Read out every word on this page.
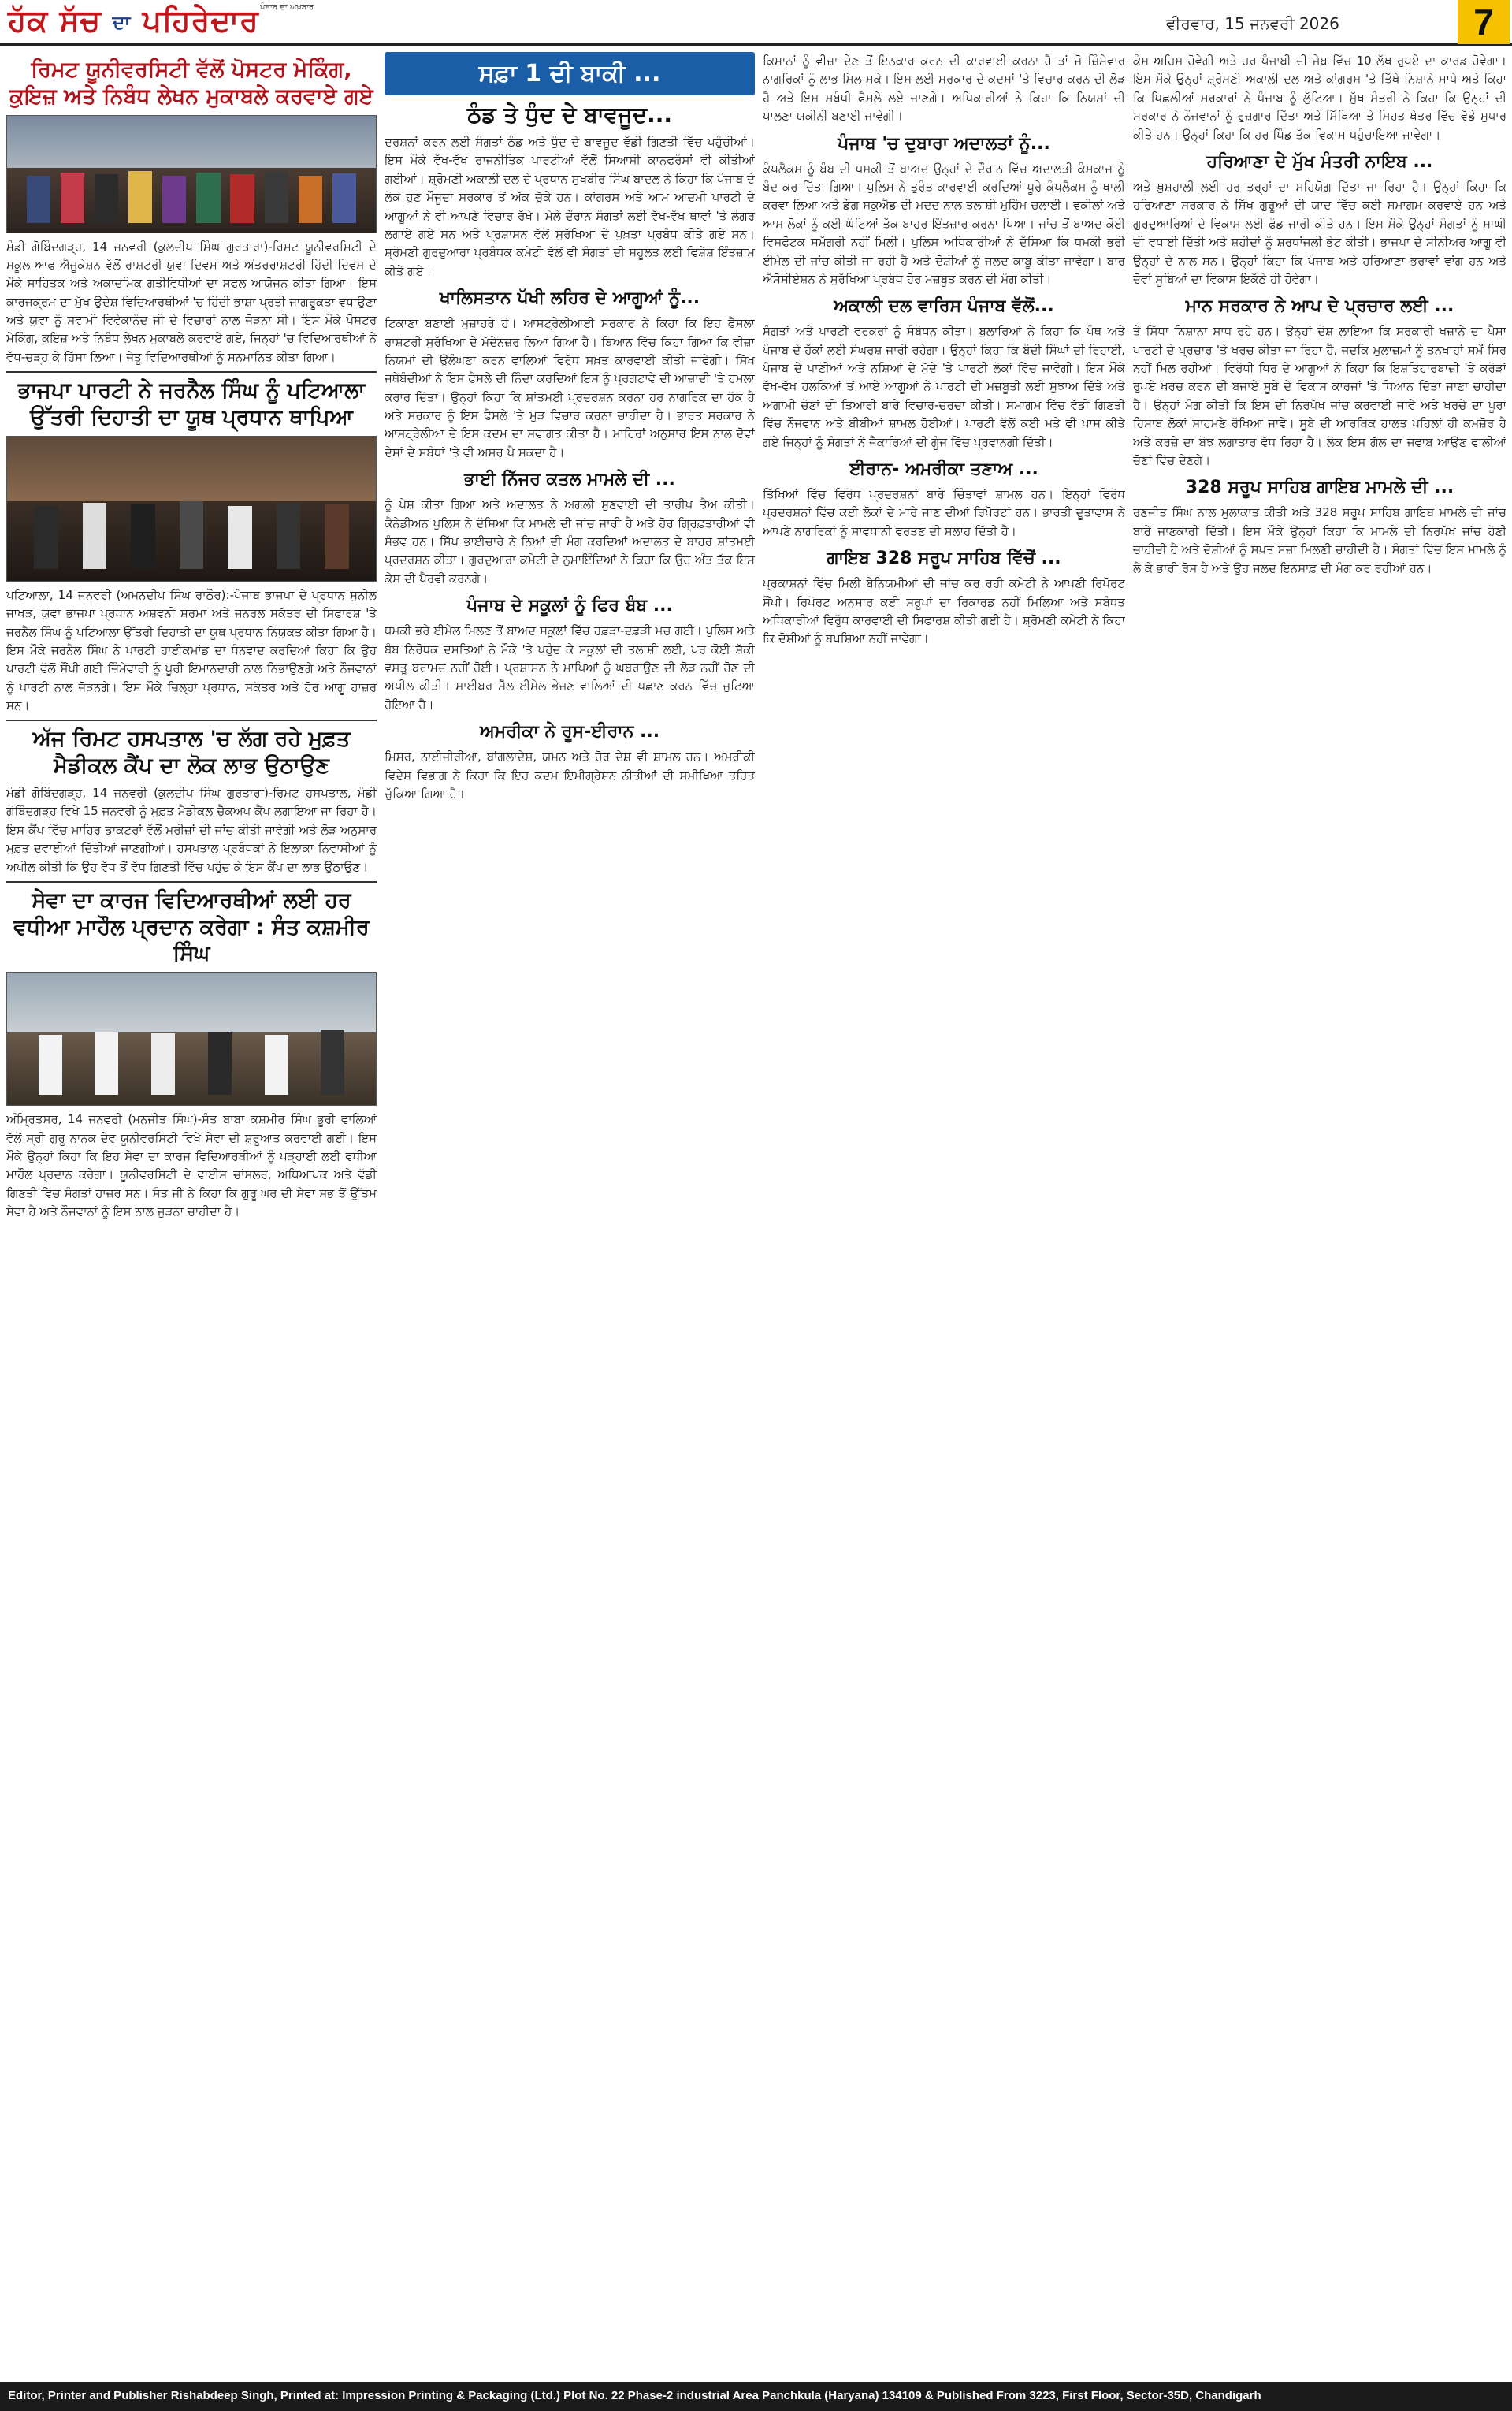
ਹੱਕ ਸੱਚ ਦਾ ਪਹਿਰੇਦਾਰ ਪੰਜਾਬ ਦਾ ਅਖ਼ਬਾਰ
ਵੀਰਵਾਰ, 15 ਜਨਵਰੀ 2026	7
ਰਿਮਟ ਯੂਨੀਵਰਸਿਟੀ ਵੱਲੋਂ ਪੋਸਟਰ ਮੇਕਿੰਗ, ਕੁਇਜ਼ ਅਤੇ ਨਿਬੰਧ ਲੇਖਨ ਮੁਕਾਬਲੇ ਕਰਵਾਏ ਗਏ
ਮੰਡੀ ਗੋਬਿੰਦਗੜ੍ਹ, 14 ਜਨਵਰੀ (ਕੁਲਦੀਪ ਸਿੰਘ ਗੁਰਤਾਰਾ)-ਰਿਮਟ ਯੂਨੀਵਰਸਿਟੀ ਦੇ ਸਕੂਲ ਆਫ ਐਜੂਕੇਸ਼ਨ ਵੱਲੋਂ ਰਾਸ਼ਟਰੀ ਯੁਵਾ ਦਿਵਸ ਅਤੇ ਅੰਤਰਰਾਸ਼ਟਰੀ ਹਿੰਦੀ ਦਿਵਸ ਦੇ ਮੌਕੇ ਸਾਹਿਤਕ ਅਤੇ ਅਕਾਦਮਿਕ ਗਤੀਵਿਧੀਆਂ ਦਾ ਸਫਲ ਆਯੋਜਨ ਕੀਤਾ ਗਿਆ। ਇਸ ਕਾਰਜਕ੍ਰਮ ਦਾ ਮੁੱਖ ਉਦੇਸ਼ ਵਿਦਿਆਰਥੀਆਂ 'ਚ ਹਿੰਦੀ ਭਾਸ਼ਾ ਪ੍ਰਤੀ ਜਾਗਰੂਕਤਾ ਵਧਾਉਣਾ ਅਤੇ ਯੁਵਾ ਨੂੰ ਸਵਾਮੀ ਵਿਵੇਕਾਨੰਦ ਜੀ ਦੇ ਵਿਚਾਰਾਂ ਨਾਲ ਜੋੜਨਾ ਸੀ। ਇਸ ਮੌਕੇ ਪੋਸਟਰ ਮੇਕਿੰਗ, ਕੁਇਜ਼ ਅਤੇ ਨਿਬੰਧ ਲੇਖਨ ਮੁਕਾਬਲੇ ਕਰਵਾਏ ਗਏ, ਜਿਨ੍ਹਾਂ 'ਚ ਵਿਦਿਆਰਥੀਆਂ ਨੇ ਵੱਧ-ਚੜ੍ਹ ਕੇ ਹਿੱਸਾ ਲਿਆ। ਜੇਤੂ ਵਿਦਿਆਰਥੀਆਂ ਨੂੰ ਸਨਮਾਨਿਤ ਕੀਤਾ ਗਿਆ।
ਭਾਜਪਾ ਪਾਰਟੀ ਨੇ ਜਰਨੈਲ ਸਿੰਘ ਨੂੰ ਪਟਿਆਲਾ ਉੱਤਰੀ ਦਿਹਾਤੀ ਦਾ ਯੂਥ ਪ੍ਰਧਾਨ ਥਾਪਿਆ
ਪਟਿਆਲਾ, 14 ਜਨਵਰੀ (ਅਮਨਦੀਪ ਸਿੰਘ ਰਾਠੌਰ):-ਪੰਜਾਬ ਭਾਜਪਾ ਦੇ ਪ੍ਰਧਾਨ ਸੁਨੀਲ ਜਾਖੜ, ਯੁਵਾ ਭਾਜਪਾ ਪ੍ਰਧਾਨ ਅਸ਼ਵਨੀ ਸ਼ਰਮਾ ਅਤੇ ਜਨਰਲ ਸਕੱਤਰ ਦੀ ਸਿਫਾਰਸ਼ 'ਤੇ ਜਰਨੈਲ ਸਿੰਘ ਨੂੰ ਪਟਿਆਲਾ ਉੱਤਰੀ ਦਿਹਾਤੀ ਦਾ ਯੂਥ ਪ੍ਰਧਾਨ ਨਿਯੁਕਤ ਕੀਤਾ ਗਿਆ ਹੈ। ਇਸ ਮੌਕੇ ਜਰਨੈਲ ਸਿੰਘ ਨੇ ਪਾਰਟੀ ਹਾਈਕਮਾਂਡ ਦਾ ਧੰਨਵਾਦ ਕਰਦਿਆਂ ਕਿਹਾ ਕਿ ਉਹ ਪਾਰਟੀ ਵੱਲੋਂ ਸੌਂਪੀ ਗਈ ਜ਼ਿੰਮੇਵਾਰੀ ਨੂੰ ਪੂਰੀ ਇਮਾਨਦਾਰੀ ਨਾਲ ਨਿਭਾਉਣਗੇ ਅਤੇ ਨੌਜਵਾਨਾਂ ਨੂੰ ਪਾਰਟੀ ਨਾਲ ਜੋੜਨਗੇ। ਇਸ ਮੌਕੇ ਜ਼ਿਲ੍ਹਾ ਪ੍ਰਧਾਨ, ਸਕੱਤਰ ਅਤੇ ਹੋਰ ਆਗੂ ਹਾਜ਼ਰ ਸਨ।
ਅੱਜ ਰਿਮਟ ਹਸਪਤਾਲ 'ਚ ਲੱਗ ਰਹੇ ਮੁਫ਼ਤ ਮੈਡੀਕਲ ਕੈਂਪ ਦਾ ਲੋਕ ਲਾਭ ਉਠਾਉਣ
ਮੰਡੀ ਗੋਬਿੰਦਗੜ੍ਹ, 14 ਜਨਵਰੀ (ਕੁਲਦੀਪ ਸਿੰਘ ਗੁਰਤਾਰਾ)-ਰਿਮਟ ਹਸਪਤਾਲ, ਮੰਡੀ ਗੋਬਿੰਦਗੜ੍ਹ ਵਿਖੇ 15 ਜਨਵਰੀ ਨੂੰ ਮੁਫ਼ਤ ਮੈਡੀਕਲ ਚੈੱਕਅਪ ਕੈਂਪ ਲਗਾਇਆ ਜਾ ਰਿਹਾ ਹੈ। ਇਸ ਕੈਂਪ ਵਿੱਚ ਮਾਹਿਰ ਡਾਕਟਰਾਂ ਵੱਲੋਂ ਮਰੀਜ਼ਾਂ ਦੀ ਜਾਂਚ ਕੀਤੀ ਜਾਵੇਗੀ ਅਤੇ ਲੋੜ ਅਨੁਸਾਰ ਮੁਫ਼ਤ ਦਵਾਈਆਂ ਦਿੱਤੀਆਂ ਜਾਣਗੀਆਂ। ਹਸਪਤਾਲ ਪ੍ਰਬੰਧਕਾਂ ਨੇ ਇਲਾਕਾ ਨਿਵਾਸੀਆਂ ਨੂੰ ਅਪੀਲ ਕੀਤੀ ਕਿ ਉਹ ਵੱਧ ਤੋਂ ਵੱਧ ਗਿਣਤੀ ਵਿੱਚ ਪਹੁੰਚ ਕੇ ਇਸ ਕੈਂਪ ਦਾ ਲਾਭ ਉਠਾਉਣ।
ਸੇਵਾ ਦਾ ਕਾਰਜ ਵਿਦਿਆਰਥੀਆਂ ਲਈ ਹਰ ਵਧੀਆ ਮਾਹੌਲ ਪ੍ਰਦਾਨ ਕਰੇਗਾ : ਸੰਤ ਕਸ਼ਮੀਰ ਸਿੰਘ
ਅੰਮ੍ਰਿਤਸਰ, 14 ਜਨਵਰੀ (ਮਨਜੀਤ ਸਿੰਘ)-ਸੰਤ ਬਾਬਾ ਕਸ਼ਮੀਰ ਸਿੰਘ ਭੂਰੀ ਵਾਲਿਆਂ ਵੱਲੋਂ ਸ੍ਰੀ ਗੁਰੂ ਨਾਨਕ ਦੇਵ ਯੂਨੀਵਰਸਿਟੀ ਵਿਖੇ ਸੇਵਾ ਦੀ ਸ਼ੁਰੂਆਤ ਕਰਵਾਈ ਗਈ। ਇਸ ਮੌਕੇ ਉਨ੍ਹਾਂ ਕਿਹਾ ਕਿ ਇਹ ਸੇਵਾ ਦਾ ਕਾਰਜ ਵਿਦਿਆਰਥੀਆਂ ਨੂੰ ਪੜ੍ਹਾਈ ਲਈ ਵਧੀਆ ਮਾਹੌਲ ਪ੍ਰਦਾਨ ਕਰੇਗਾ। ਯੂਨੀਵਰਸਿਟੀ ਦੇ ਵਾਈਸ ਚਾਂਸਲਰ, ਅਧਿਆਪਕ ਅਤੇ ਵੱਡੀ ਗਿਣਤੀ ਵਿੱਚ ਸੰਗਤਾਂ ਹਾਜ਼ਰ ਸਨ। ਸੰਤ ਜੀ ਨੇ ਕਿਹਾ ਕਿ ਗੁਰੂ ਘਰ ਦੀ ਸੇਵਾ ਸਭ ਤੋਂ ਉੱਤਮ ਸੇਵਾ ਹੈ ਅਤੇ ਨੌਜਵਾਨਾਂ ਨੂੰ ਇਸ ਨਾਲ ਜੁੜਨਾ ਚਾਹੀਦਾ ਹੈ।
ਸਫ਼ਾ 1 ਦੀ ਬਾਕੀ ...
ਠੰਡ ਤੇ ਧੁੰਦ ਦੇ ਬਾਵਜੂਦ...
ਦਰਸ਼ਨਾਂ ਕਰਨ ਲਈ ਸੰਗਤਾਂ ਠੰਡ ਅਤੇ ਧੁੰਦ ਦੇ ਬਾਵਜੂਦ ਵੱਡੀ ਗਿਣਤੀ ਵਿੱਚ ਪਹੁੰਚੀਆਂ। ਇਸ ਮੌਕੇ ਵੱਖ-ਵੱਖ ਰਾਜਨੀਤਿਕ ਪਾਰਟੀਆਂ ਵੱਲੋਂ ਸਿਆਸੀ ਕਾਨਫਰੰਸਾਂ ਵੀ ਕੀਤੀਆਂ ਗਈਆਂ। ਸ਼੍ਰੋਮਣੀ ਅਕਾਲੀ ਦਲ ਦੇ ਪ੍ਰਧਾਨ ਸੁਖਬੀਰ ਸਿੰਘ ਬਾਦਲ ਨੇ ਕਿਹਾ ਕਿ ਪੰਜਾਬ ਦੇ ਲੋਕ ਹੁਣ ਮੌਜੂਦਾ ਸਰਕਾਰ ਤੋਂ ਅੱਕ ਚੁੱਕੇ ਹਨ। ਕਾਂਗਰਸ ਅਤੇ ਆਮ ਆਦਮੀ ਪਾਰਟੀ ਦੇ ਆਗੂਆਂ ਨੇ ਵੀ ਆਪਣੇ ਵਿਚਾਰ ਰੱਖੇ। ਮੇਲੇ ਦੌਰਾਨ ਸੰਗਤਾਂ ਲਈ ਵੱਖ-ਵੱਖ ਥਾਵਾਂ 'ਤੇ ਲੰਗਰ ਲਗਾਏ ਗਏ ਸਨ ਅਤੇ ਪ੍ਰਸ਼ਾਸਨ ਵੱਲੋਂ ਸੁਰੱਖਿਆ ਦੇ ਪੁਖ਼ਤਾ ਪ੍ਰਬੰਧ ਕੀਤੇ ਗਏ ਸਨ। ਸ਼੍ਰੋਮਣੀ ਗੁਰਦੁਆਰਾ ਪ੍ਰਬੰਧਕ ਕਮੇਟੀ ਵੱਲੋਂ ਵੀ ਸੰਗਤਾਂ ਦੀ ਸਹੂਲਤ ਲਈ ਵਿਸ਼ੇਸ਼ ਇੰਤਜ਼ਾਮ ਕੀਤੇ ਗਏ।
ਖਾਲਿਸਤਾਨ ਪੱਖੀ ਲਹਿਰ ਦੇ ਆਗੂਆਂ ਨੂੰ...
ਟਿਕਾਣਾ ਬਣਾਈ ਮੁਜ਼ਾਹਰੇ ਹੋ। ਆਸਟ੍ਰੇਲੀਆਈ ਸਰਕਾਰ ਨੇ ਕਿਹਾ ਕਿ ਇਹ ਫੈਸਲਾ ਰਾਸ਼ਟਰੀ ਸੁਰੱਖਿਆ ਦੇ ਮੱਦੇਨਜ਼ਰ ਲਿਆ ਗਿਆ ਹੈ। ਬਿਆਨ ਵਿੱਚ ਕਿਹਾ ਗਿਆ ਕਿ ਵੀਜ਼ਾ ਨਿਯਮਾਂ ਦੀ ਉਲੰਘਣਾ ਕਰਨ ਵਾਲਿਆਂ ਵਿਰੁੱਧ ਸਖ਼ਤ ਕਾਰਵਾਈ ਕੀਤੀ ਜਾਵੇਗੀ। ਸਿੱਖ ਜਥੇਬੰਦੀਆਂ ਨੇ ਇਸ ਫੈਸਲੇ ਦੀ ਨਿੰਦਾ ਕਰਦਿਆਂ ਇਸ ਨੂੰ ਪ੍ਰਗਟਾਵੇ ਦੀ ਆਜ਼ਾਦੀ 'ਤੇ ਹਮਲਾ ਕਰਾਰ ਦਿੱਤਾ। ਉਨ੍ਹਾਂ ਕਿਹਾ ਕਿ ਸ਼ਾਂਤਮਈ ਪ੍ਰਦਰਸ਼ਨ ਕਰਨਾ ਹਰ ਨਾਗਰਿਕ ਦਾ ਹੱਕ ਹੈ ਅਤੇ ਸਰਕਾਰ ਨੂੰ ਇਸ ਫੈਸਲੇ 'ਤੇ ਮੁੜ ਵਿਚਾਰ ਕਰਨਾ ਚਾਹੀਦਾ ਹੈ। ਭਾਰਤ ਸਰਕਾਰ ਨੇ ਆਸਟ੍ਰੇਲੀਆ ਦੇ ਇਸ ਕਦਮ ਦਾ ਸਵਾਗਤ ਕੀਤਾ ਹੈ। ਮਾਹਿਰਾਂ ਅਨੁਸਾਰ ਇਸ ਨਾਲ ਦੋਵਾਂ ਦੇਸ਼ਾਂ ਦੇ ਸਬੰਧਾਂ 'ਤੇ ਵੀ ਅਸਰ ਪੈ ਸਕਦਾ ਹੈ।
ਭਾਈ ਨਿੱਜਰ ਕਤਲ ਮਾਮਲੇ ਦੀ ...
ਨੂੰ ਪੇਸ਼ ਕੀਤਾ ਗਿਆ ਅਤੇ ਅਦਾਲਤ ਨੇ ਅਗਲੀ ਸੁਣਵਾਈ ਦੀ ਤਾਰੀਖ਼ ਤੈਅ ਕੀਤੀ। ਕੈਨੇਡੀਅਨ ਪੁਲਿਸ ਨੇ ਦੱਸਿਆ ਕਿ ਮਾਮਲੇ ਦੀ ਜਾਂਚ ਜਾਰੀ ਹੈ ਅਤੇ ਹੋਰ ਗ੍ਰਿਫ਼ਤਾਰੀਆਂ ਵੀ ਸੰਭਵ ਹਨ। ਸਿੱਖ ਭਾਈਚਾਰੇ ਨੇ ਨਿਆਂ ਦੀ ਮੰਗ ਕਰਦਿਆਂ ਅਦਾਲਤ ਦੇ ਬਾਹਰ ਸ਼ਾਂਤਮਈ ਪ੍ਰਦਰਸ਼ਨ ਕੀਤਾ। ਗੁਰਦੁਆਰਾ ਕਮੇਟੀ ਦੇ ਨੁਮਾਇੰਦਿਆਂ ਨੇ ਕਿਹਾ ਕਿ ਉਹ ਅੰਤ ਤੱਕ ਇਸ ਕੇਸ ਦੀ ਪੈਰਵੀ ਕਰਨਗੇ।
ਪੰਜਾਬ ਦੇ ਸਕੂਲਾਂ ਨੂੰ ਫਿਰ ਬੰਬ ...
ਧਮਕੀ ਭਰੇ ਈਮੇਲ ਮਿਲਣ ਤੋਂ ਬਾਅਦ ਸਕੂਲਾਂ ਵਿੱਚ ਹਫ਼ੜਾ-ਦਫ਼ੜੀ ਮਚ ਗਈ। ਪੁਲਿਸ ਅਤੇ ਬੰਬ ਨਿਰੋਧਕ ਦਸਤਿਆਂ ਨੇ ਮੌਕੇ 'ਤੇ ਪਹੁੰਚ ਕੇ ਸਕੂਲਾਂ ਦੀ ਤਲਾਸ਼ੀ ਲਈ, ਪਰ ਕੋਈ ਸ਼ੱਕੀ ਵਸਤੂ ਬਰਾਮਦ ਨਹੀਂ ਹੋਈ। ਪ੍ਰਸ਼ਾਸਨ ਨੇ ਮਾਪਿਆਂ ਨੂੰ ਘਬਰਾਉਣ ਦੀ ਲੋੜ ਨਹੀਂ ਹੋਣ ਦੀ ਅਪੀਲ ਕੀਤੀ। ਸਾਈਬਰ ਸੈੱਲ ਈਮੇਲ ਭੇਜਣ ਵਾਲਿਆਂ ਦੀ ਪਛਾਣ ਕਰਨ ਵਿੱਚ ਜੁਟਿਆ ਹੋਇਆ ਹੈ।
ਅਮਰੀਕਾ ਨੇ ਰੂਸ-ਈਰਾਨ ...
ਮਿਸਰ, ਨਾਈਜੀਰੀਆ, ਬਾਂਗਲਾਦੇਸ਼, ਯਮਨ ਅਤੇ ਹੋਰ ਦੇਸ਼ ਵੀ ਸ਼ਾਮਲ ਹਨ। ਅਮਰੀਕੀ ਵਿਦੇਸ਼ ਵਿਭਾਗ ਨੇ ਕਿਹਾ ਕਿ ਇਹ ਕਦਮ ਇਮੀਗ੍ਰੇਸ਼ਨ ਨੀਤੀਆਂ ਦੀ ਸਮੀਖਿਆ ਤਹਿਤ ਚੁੱਕਿਆ ਗਿਆ ਹੈ।
ਕਿਸਾਨਾਂ ਨੂੰ ਵੀਜ਼ਾ ਦੇਣ ਤੋਂ ਇਨਕਾਰ ਕਰਨ ਦੀ ਕਾਰਵਾਈ ਕਰਨਾ ਹੈ ਤਾਂ ਜੋ ਜ਼ਿੰਮੇਵਾਰ ਨਾਗਰਿਕਾਂ ਨੂੰ ਲਾਭ ਮਿਲ ਸਕੇ। ਇਸ ਲਈ ਸਰਕਾਰ ਦੇ ਕਦਮਾਂ 'ਤੇ ਵਿਚਾਰ ਕਰਨ ਦੀ ਲੋੜ ਹੈ ਅਤੇ ਇਸ ਸਬੰਧੀ ਫੈਸਲੇ ਲਏ ਜਾਣਗੇ। ਅਧਿਕਾਰੀਆਂ ਨੇ ਕਿਹਾ ਕਿ ਨਿਯਮਾਂ ਦੀ ਪਾਲਣਾ ਯਕੀਨੀ ਬਣਾਈ ਜਾਵੇਗੀ।
ਪੰਜਾਬ 'ਚ ਦੁਬਾਰਾ ਅਦਾਲਤਾਂ ਨੂੰ...
ਕੰਪਲੈਕਸ ਨੂੰ ਬੰਬ ਦੀ ਧਮਕੀ ਤੋਂ ਬਾਅਦ ਉਨ੍ਹਾਂ ਦੇ ਦੌਰਾਨ ਵਿੱਚ ਅਦਾਲਤੀ ਕੰਮਕਾਜ ਨੂੰ ਬੰਦ ਕਰ ਦਿੱਤਾ ਗਿਆ। ਪੁਲਿਸ ਨੇ ਤੁਰੰਤ ਕਾਰਵਾਈ ਕਰਦਿਆਂ ਪੂਰੇ ਕੰਪਲੈਕਸ ਨੂੰ ਖਾਲੀ ਕਰਵਾ ਲਿਆ ਅਤੇ ਡੌਗ ਸਕੁਐਡ ਦੀ ਮਦਦ ਨਾਲ ਤਲਾਸ਼ੀ ਮੁਹਿੰਮ ਚਲਾਈ। ਵਕੀਲਾਂ ਅਤੇ ਆਮ ਲੋਕਾਂ ਨੂੰ ਕਈ ਘੰਟਿਆਂ ਤੱਕ ਬਾਹਰ ਇੰਤਜ਼ਾਰ ਕਰਨਾ ਪਿਆ। ਜਾਂਚ ਤੋਂ ਬਾਅਦ ਕੋਈ ਵਿਸਫੋਟਕ ਸਮੱਗਰੀ ਨਹੀਂ ਮਿਲੀ। ਪੁਲਿਸ ਅਧਿਕਾਰੀਆਂ ਨੇ ਦੱਸਿਆ ਕਿ ਧਮਕੀ ਭਰੀ ਈਮੇਲ ਦੀ ਜਾਂਚ ਕੀਤੀ ਜਾ ਰਹੀ ਹੈ ਅਤੇ ਦੋਸ਼ੀਆਂ ਨੂੰ ਜਲਦ ਕਾਬੂ ਕੀਤਾ ਜਾਵੇਗਾ। ਬਾਰ ਐਸੋਸੀਏਸ਼ਨ ਨੇ ਸੁਰੱਖਿਆ ਪ੍ਰਬੰਧ ਹੋਰ ਮਜ਼ਬੂਤ ਕਰਨ ਦੀ ਮੰਗ ਕੀਤੀ।
ਅਕਾਲੀ ਦਲ ਵਾਰਿਸ ਪੰਜਾਬ ਵੱਲੋਂ...
ਸੰਗਤਾਂ ਅਤੇ ਪਾਰਟੀ ਵਰਕਰਾਂ ਨੂੰ ਸੰਬੋਧਨ ਕੀਤਾ। ਬੁਲਾਰਿਆਂ ਨੇ ਕਿਹਾ ਕਿ ਪੰਥ ਅਤੇ ਪੰਜਾਬ ਦੇ ਹੱਕਾਂ ਲਈ ਸੰਘਰਸ਼ ਜਾਰੀ ਰਹੇਗਾ। ਉਨ੍ਹਾਂ ਕਿਹਾ ਕਿ ਬੰਦੀ ਸਿੰਘਾਂ ਦੀ ਰਿਹਾਈ, ਪੰਜਾਬ ਦੇ ਪਾਣੀਆਂ ਅਤੇ ਨਸ਼ਿਆਂ ਦੇ ਮੁੱਦੇ 'ਤੇ ਪਾਰਟੀ ਲੋਕਾਂ ਵਿੱਚ ਜਾਵੇਗੀ। ਇਸ ਮੌਕੇ ਵੱਖ-ਵੱਖ ਹਲਕਿਆਂ ਤੋਂ ਆਏ ਆਗੂਆਂ ਨੇ ਪਾਰਟੀ ਦੀ ਮਜ਼ਬੂਤੀ ਲਈ ਸੁਝਾਅ ਦਿੱਤੇ ਅਤੇ ਅਗਾਮੀ ਚੋਣਾਂ ਦੀ ਤਿਆਰੀ ਬਾਰੇ ਵਿਚਾਰ-ਚਰਚਾ ਕੀਤੀ। ਸਮਾਗਮ ਵਿੱਚ ਵੱਡੀ ਗਿਣਤੀ ਵਿੱਚ ਨੌਜਵਾਨ ਅਤੇ ਬੀਬੀਆਂ ਸ਼ਾਮਲ ਹੋਈਆਂ। ਪਾਰਟੀ ਵੱਲੋਂ ਕਈ ਮਤੇ ਵੀ ਪਾਸ ਕੀਤੇ ਗਏ ਜਿਨ੍ਹਾਂ ਨੂੰ ਸੰਗਤਾਂ ਨੇ ਜੈਕਾਰਿਆਂ ਦੀ ਗੂੰਜ ਵਿੱਚ ਪ੍ਰਵਾਨਗੀ ਦਿੱਤੀ।
ਈਰਾਨ- ਅਮਰੀਕਾ ਤਣਾਅ ...
ਤਿੱਖਿਆਂ ਵਿੱਚ ਵਿਰੋਧ ਪ੍ਰਦਰਸ਼ਨਾਂ ਬਾਰੇ ਚਿੰਤਾਵਾਂ ਸ਼ਾਮਲ ਹਨ। ਇਨ੍ਹਾਂ ਵਿਰੋਧ ਪ੍ਰਦਰਸ਼ਨਾਂ ਵਿੱਚ ਕਈ ਲੋਕਾਂ ਦੇ ਮਾਰੇ ਜਾਣ ਦੀਆਂ ਰਿਪੋਰਟਾਂ ਹਨ। ਭਾਰਤੀ ਦੂਤਾਵਾਸ ਨੇ ਆਪਣੇ ਨਾਗਰਿਕਾਂ ਨੂੰ ਸਾਵਧਾਨੀ ਵਰਤਣ ਦੀ ਸਲਾਹ ਦਿੱਤੀ ਹੈ।
ਗਾਇਬ 328 ਸਰੂਪ ਸਾਹਿਬ ਵਿੱਚੋਂ ...
ਪ੍ਰਕਾਸ਼ਨਾਂ ਵਿੱਚ ਮਿਲੀ ਬੇਨਿਯਮੀਆਂ ਦੀ ਜਾਂਚ ਕਰ ਰਹੀ ਕਮੇਟੀ ਨੇ ਆਪਣੀ ਰਿਪੋਰਟ ਸੌਂਪੀ। ਰਿਪੋਰਟ ਅਨੁਸਾਰ ਕਈ ਸਰੂਪਾਂ ਦਾ ਰਿਕਾਰਡ ਨਹੀਂ ਮਿਲਿਆ ਅਤੇ ਸਬੰਧਤ ਅਧਿਕਾਰੀਆਂ ਵਿਰੁੱਧ ਕਾਰਵਾਈ ਦੀ ਸਿਫਾਰਸ਼ ਕੀਤੀ ਗਈ ਹੈ। ਸ਼੍ਰੋਮਣੀ ਕਮੇਟੀ ਨੇ ਕਿਹਾ ਕਿ ਦੋਸ਼ੀਆਂ ਨੂੰ ਬਖਸ਼ਿਆ ਨਹੀਂ ਜਾਵੇਗਾ।
ਕੰਮ ਅਹਿਮ ਹੋਵੇਗੀ ਅਤੇ ਹਰ ਪੰਜਾਬੀ ਦੀ ਜੇਬ ਵਿੱਚ 10 ਲੱਖ ਰੁਪਏ ਦਾ ਕਾਰਡ ਹੋਵੇਗਾ। ਇਸ ਮੌਕੇ ਉਨ੍ਹਾਂ ਸ਼੍ਰੋਮਣੀ ਅਕਾਲੀ ਦਲ ਅਤੇ ਕਾਂਗਰਸ 'ਤੇ ਤਿੱਖੇ ਨਿਸ਼ਾਨੇ ਸਾਧੇ ਅਤੇ ਕਿਹਾ ਕਿ ਪਿਛਲੀਆਂ ਸਰਕਾਰਾਂ ਨੇ ਪੰਜਾਬ ਨੂੰ ਲੁੱਟਿਆ। ਮੁੱਖ ਮੰਤਰੀ ਨੇ ਕਿਹਾ ਕਿ ਉਨ੍ਹਾਂ ਦੀ ਸਰਕਾਰ ਨੇ ਨੌਜਵਾਨਾਂ ਨੂੰ ਰੁਜ਼ਗਾਰ ਦਿੱਤਾ ਅਤੇ ਸਿੱਖਿਆ ਤੇ ਸਿਹਤ ਖੇਤਰ ਵਿੱਚ ਵੱਡੇ ਸੁਧਾਰ ਕੀਤੇ ਹਨ। ਉਨ੍ਹਾਂ ਕਿਹਾ ਕਿ ਹਰ ਪਿੰਡ ਤੱਕ ਵਿਕਾਸ ਪਹੁੰਚਾਇਆ ਜਾਵੇਗਾ।
ਹਰਿਆਣਾ ਦੇ ਮੁੱਖ ਮੰਤਰੀ ਨਾਇਬ ...
ਅਤੇ ਖ਼ੁਸ਼ਹਾਲੀ ਲਈ ਹਰ ਤਰ੍ਹਾਂ ਦਾ ਸਹਿਯੋਗ ਦਿੱਤਾ ਜਾ ਰਿਹਾ ਹੈ। ਉਨ੍ਹਾਂ ਕਿਹਾ ਕਿ ਹਰਿਆਣਾ ਸਰਕਾਰ ਨੇ ਸਿੱਖ ਗੁਰੂਆਂ ਦੀ ਯਾਦ ਵਿੱਚ ਕਈ ਸਮਾਗਮ ਕਰਵਾਏ ਹਨ ਅਤੇ ਗੁਰਦੁਆਰਿਆਂ ਦੇ ਵਿਕਾਸ ਲਈ ਫੰਡ ਜਾਰੀ ਕੀਤੇ ਹਨ। ਇਸ ਮੌਕੇ ਉਨ੍ਹਾਂ ਸੰਗਤਾਂ ਨੂੰ ਮਾਘੀ ਦੀ ਵਧਾਈ ਦਿੱਤੀ ਅਤੇ ਸ਼ਹੀਦਾਂ ਨੂੰ ਸ਼ਰਧਾਂਜਲੀ ਭੇਟ ਕੀਤੀ। ਭਾਜਪਾ ਦੇ ਸੀਨੀਅਰ ਆਗੂ ਵੀ ਉਨ੍ਹਾਂ ਦੇ ਨਾਲ ਸਨ। ਉਨ੍ਹਾਂ ਕਿਹਾ ਕਿ ਪੰਜਾਬ ਅਤੇ ਹਰਿਆਣਾ ਭਰਾਵਾਂ ਵਾਂਗ ਹਨ ਅਤੇ ਦੋਵਾਂ ਸੂਬਿਆਂ ਦਾ ਵਿਕਾਸ ਇਕੱਠੇ ਹੀ ਹੋਵੇਗਾ।
ਮਾਨ ਸਰਕਾਰ ਨੇ ਆਪ ਦੇ ਪ੍ਰਚਾਰ ਲਈ ...
ਤੇ ਸਿੱਧਾ ਨਿਸ਼ਾਨਾ ਸਾਧ ਰਹੇ ਹਨ। ਉਨ੍ਹਾਂ ਦੋਸ਼ ਲਾਇਆ ਕਿ ਸਰਕਾਰੀ ਖਜ਼ਾਨੇ ਦਾ ਪੈਸਾ ਪਾਰਟੀ ਦੇ ਪ੍ਰਚਾਰ 'ਤੇ ਖਰਚ ਕੀਤਾ ਜਾ ਰਿਹਾ ਹੈ, ਜਦਕਿ ਮੁਲਾਜ਼ਮਾਂ ਨੂੰ ਤਨਖਾਹਾਂ ਸਮੇਂ ਸਿਰ ਨਹੀਂ ਮਿਲ ਰਹੀਆਂ। ਵਿਰੋਧੀ ਧਿਰ ਦੇ ਆਗੂਆਂ ਨੇ ਕਿਹਾ ਕਿ ਇਸ਼ਤਿਹਾਰਬਾਜ਼ੀ 'ਤੇ ਕਰੋੜਾਂ ਰੁਪਏ ਖਰਚ ਕਰਨ ਦੀ ਬਜਾਏ ਸੂਬੇ ਦੇ ਵਿਕਾਸ ਕਾਰਜਾਂ 'ਤੇ ਧਿਆਨ ਦਿੱਤਾ ਜਾਣਾ ਚਾਹੀਦਾ ਹੈ। ਉਨ੍ਹਾਂ ਮੰਗ ਕੀਤੀ ਕਿ ਇਸ ਦੀ ਨਿਰਪੱਖ ਜਾਂਚ ਕਰਵਾਈ ਜਾਵੇ ਅਤੇ ਖਰਚੇ ਦਾ ਪੂਰਾ ਹਿਸਾਬ ਲੋਕਾਂ ਸਾਹਮਣੇ ਰੱਖਿਆ ਜਾਵੇ। ਸੂਬੇ ਦੀ ਆਰਥਿਕ ਹਾਲਤ ਪਹਿਲਾਂ ਹੀ ਕਮਜ਼ੋਰ ਹੈ ਅਤੇ ਕਰਜ਼ੇ ਦਾ ਬੋਝ ਲਗਾਤਾਰ ਵੱਧ ਰਿਹਾ ਹੈ। ਲੋਕ ਇਸ ਗੱਲ ਦਾ ਜਵਾਬ ਆਉਣ ਵਾਲੀਆਂ ਚੋਣਾਂ ਵਿੱਚ ਦੇਣਗੇ।
328 ਸਰੂਪ ਸਾਹਿਬ ਗਾਇਬ ਮਾਮਲੇ ਦੀ ...
ਰਣਜੀਤ ਸਿੰਘ ਨਾਲ ਮੁਲਾਕਾਤ ਕੀਤੀ ਅਤੇ 328 ਸਰੂਪ ਸਾਹਿਬ ਗਾਇਬ ਮਾਮਲੇ ਦੀ ਜਾਂਚ ਬਾਰੇ ਜਾਣਕਾਰੀ ਦਿੱਤੀ। ਇਸ ਮੌਕੇ ਉਨ੍ਹਾਂ ਕਿਹਾ ਕਿ ਮਾਮਲੇ ਦੀ ਨਿਰਪੱਖ ਜਾਂਚ ਹੋਣੀ ਚਾਹੀਦੀ ਹੈ ਅਤੇ ਦੋਸ਼ੀਆਂ ਨੂੰ ਸਖ਼ਤ ਸਜ਼ਾ ਮਿਲਣੀ ਚਾਹੀਦੀ ਹੈ। ਸੰਗਤਾਂ ਵਿੱਚ ਇਸ ਮਾਮਲੇ ਨੂੰ ਲੈ ਕੇ ਭਾਰੀ ਰੋਸ ਹੈ ਅਤੇ ਉਹ ਜਲਦ ਇਨਸਾਫ਼ ਦੀ ਮੰਗ ਕਰ ਰਹੀਆਂ ਹਨ।
Editor, Printer and Publisher Rishabdeep Singh, Printed at: Impression Printing & Packaging (Ltd.) Plot No. 22 Phase-2 industrial Area Panchkula (Haryana) 134109 & Published From 3223, First Floor, Sector-35D, Chandigarh
